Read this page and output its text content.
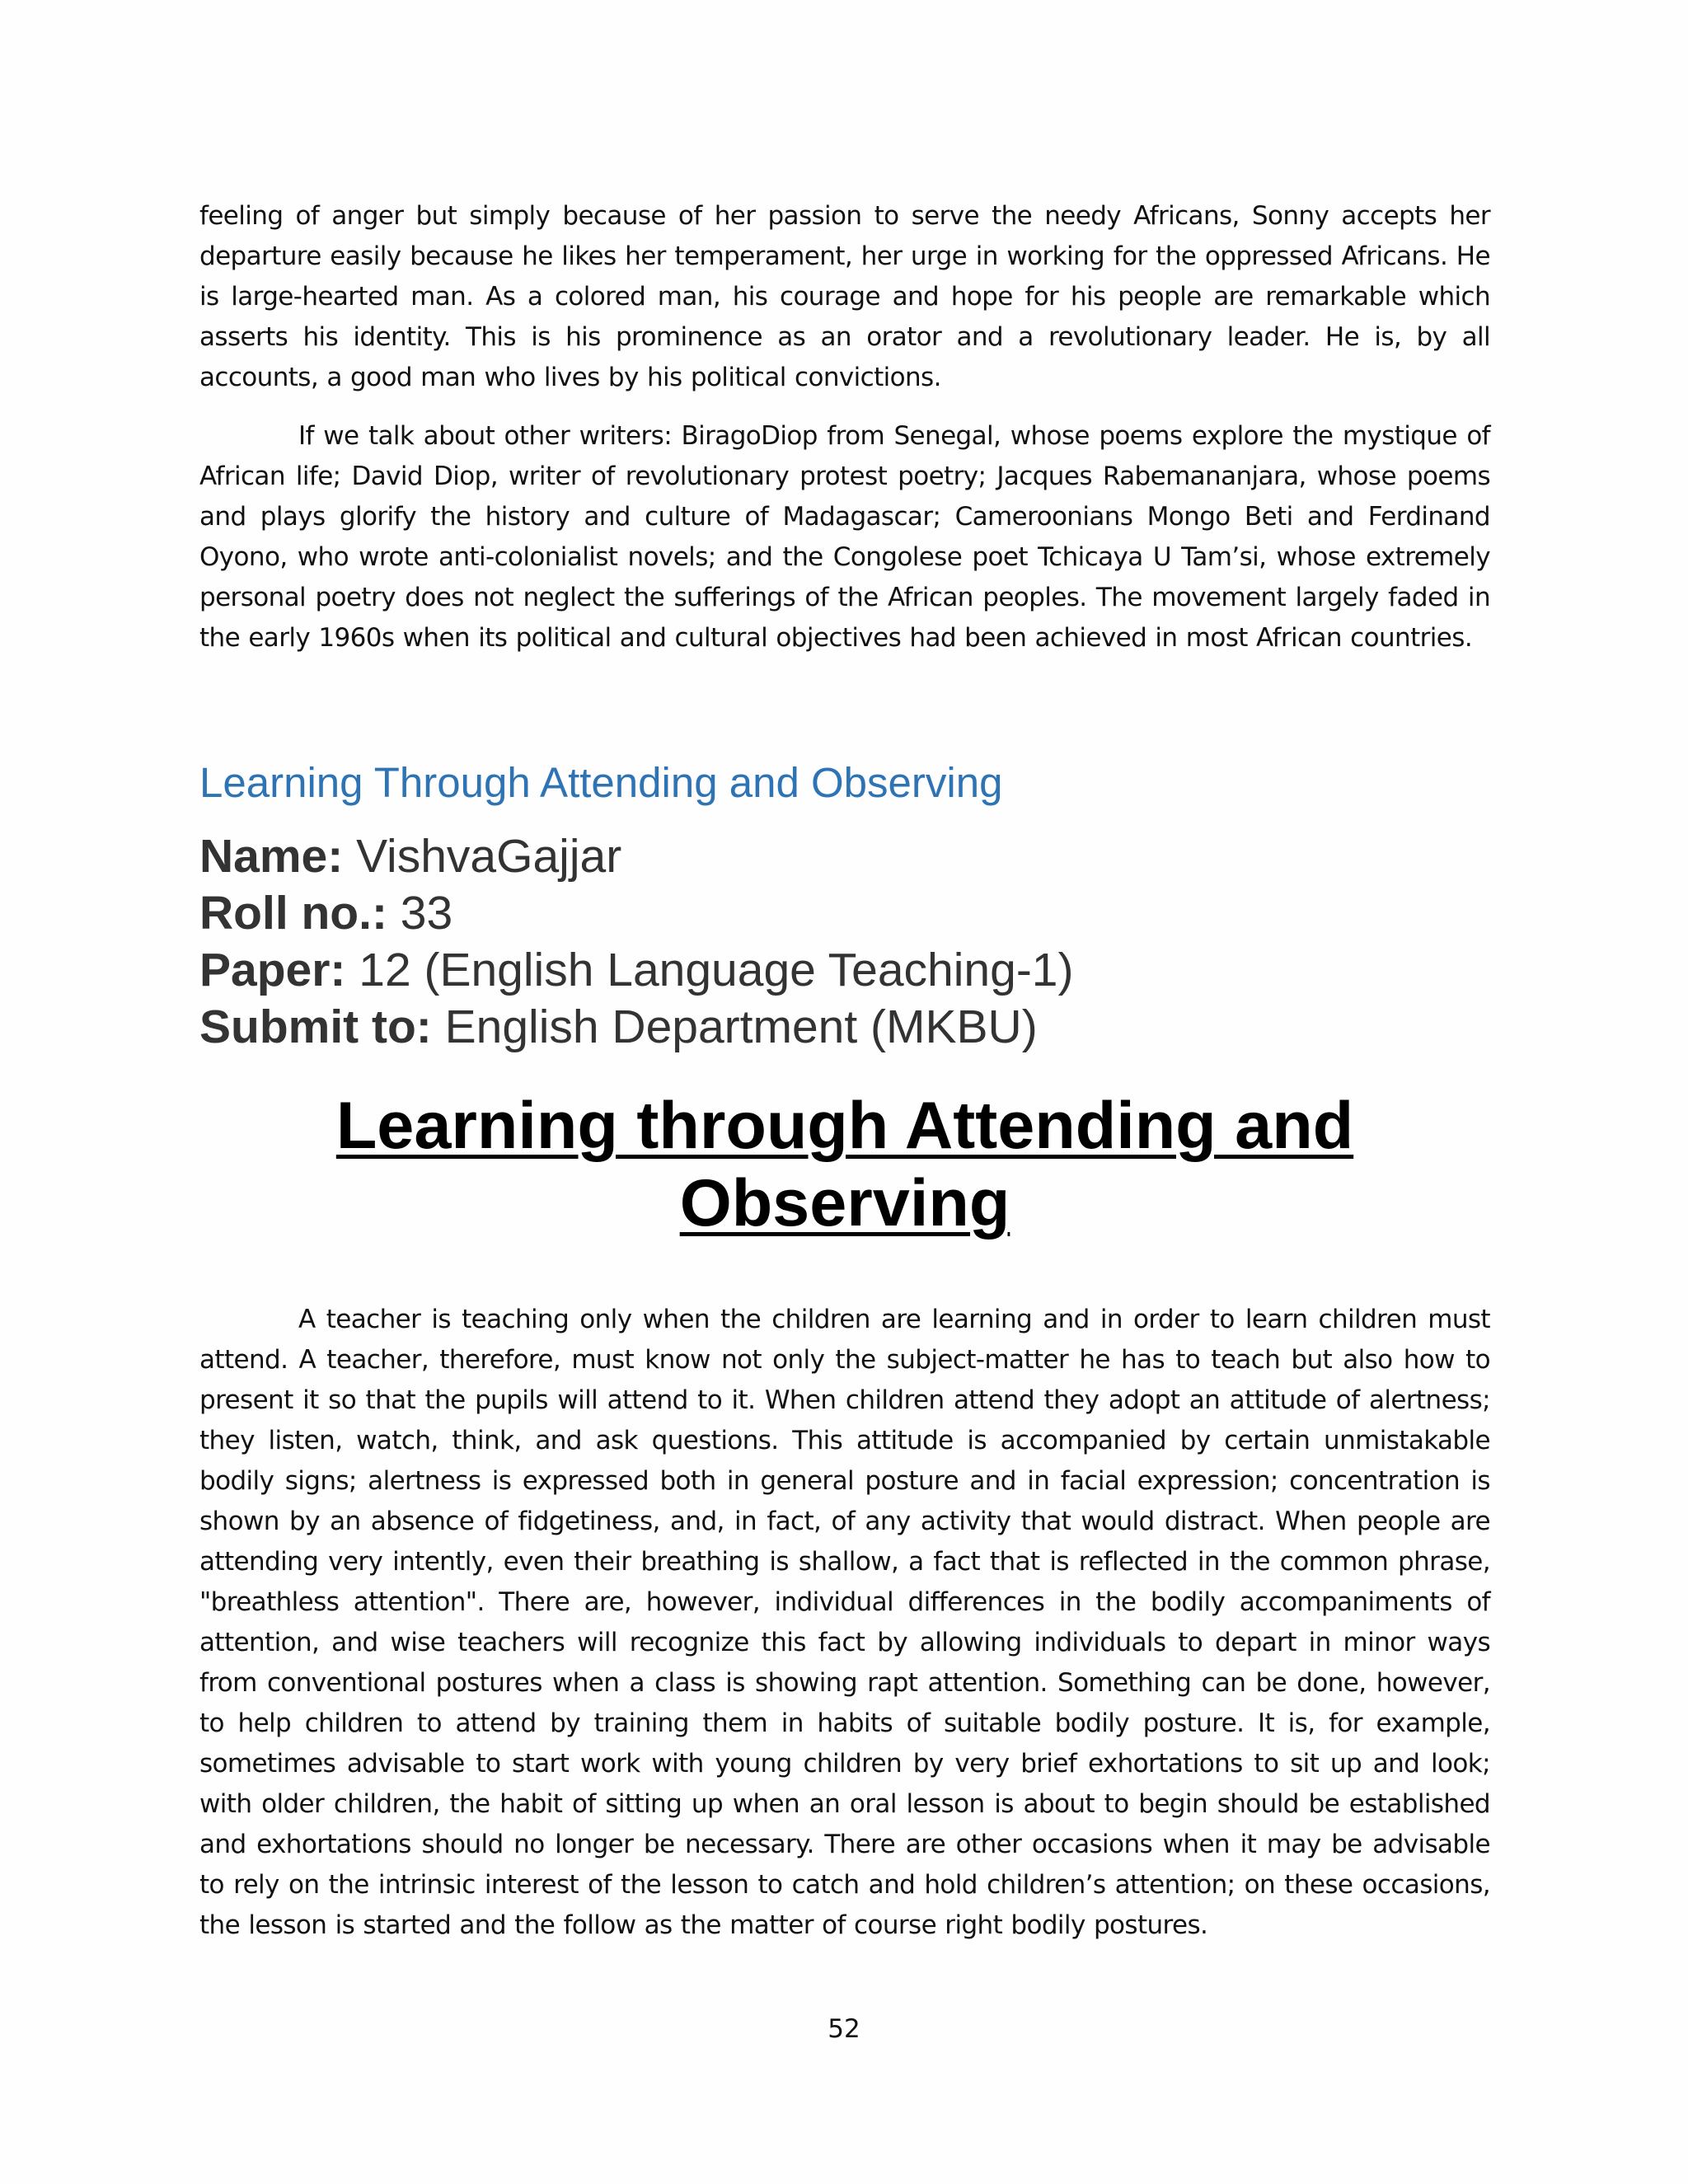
feeling of anger but simply because of her passion to serve the needy Africans, Sonny accepts her departure easily because he likes her temperament, her urge in working for the oppressed Africans. He is large-hearted man. As a colored man, his courage and hope for his people are remarkable which asserts his identity. This is his prominence as an orator and a revolutionary leader. He is, by all accounts, a good man who lives by his political convictions.

If we talk about other writers: BiragoDiop from Senegal, whose poems explore the mystique of African life; David Diop, writer of revolutionary protest poetry; Jacques Rabemananjara, whose poems and plays glorify the history and culture of Madagascar; Cameroonians Mongo Beti and Ferdinand Oyono, who wrote anti-colonialist novels; and the Congolese poet Tchicaya U Tam’si, whose extremely personal poetry does not neglect the sufferings of the African peoples. The movement largely faded in the early 1960s when its political and cultural objectives had been achieved in most African countries.

Learning Through Attending and Observing
Name: VishvaGajjar
Roll no.: 33
Paper: 12 (English Language Teaching-1)
Submit to: English Department (MKBU)
Learning through Attending and
Observing

A teacher is teaching only when the children are learning and in order to learn children must attend. A teacher, therefore, must know not only the subject-matter he has to teach but also how to present it so that the pupils will attend to it. When children attend they adopt an attitude of alertness; they listen, watch, think, and ask questions. This attitude is accompanied by certain unmistakable bodily signs; alertness is expressed both in general posture and in facial expression; concentration is shown by an absence of fidgetiness, and, in fact, of any activity that would distract. When people are attending very intently, even their breathing is shallow, a fact that is reflected in the common phrase, "breathless attention". There are, however, individual differences in the bodily accompaniments of attention, and wise teachers will recognize this fact by allowing individuals to depart in minor ways from conventional postures when a class is showing rapt attention. Something can be done, however, to help children to attend by training them in habits of suitable bodily posture. It is, for example, sometimes advisable to start work with young children by very brief exhortations to sit up and look; with older children, the habit of sitting up when an oral lesson is about to begin should be established and exhortations should no longer be necessary. There are other occasions when it may be advisable to rely on the intrinsic interest of the lesson to catch and hold children’s attention; on these occasions, the lesson is started and the follow as the matter of course right bodily postures.

52
